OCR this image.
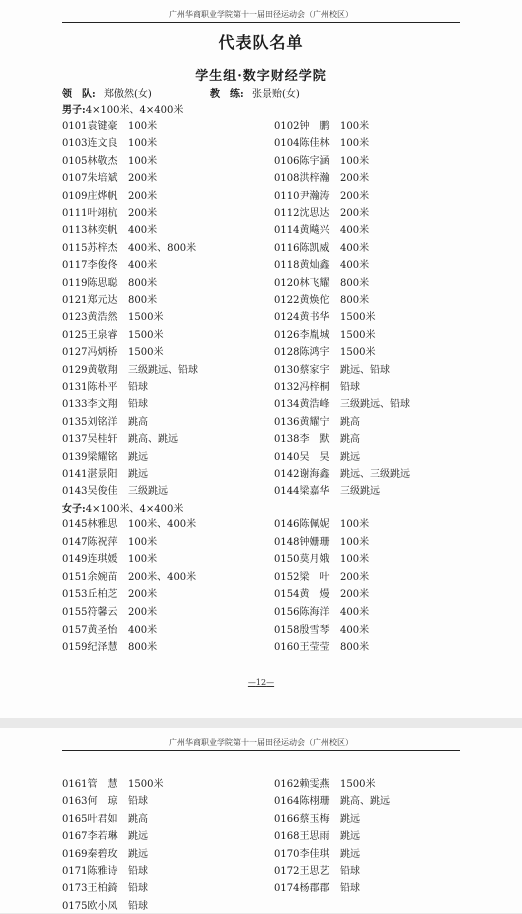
广州华商职业学院第十一届田径运动会（广州校区）
代表队名单
学生组·数字财经学院
领　队: 郑傲然(女)	教　练: 张景贻(女)
男子:4×100米、4×400米
0101袁键豪 100米	0102钟　鹏 100米
0103连文良 100米	0104陈佳林 100米
0105林敬杰 100米	0106陈宇涵 100米
0107朱培斌 200米	0108洪梓瀚 200米
0109庄烨帆 200米	0110尹瀚涛 200米
0111叶翊杭 200米	0112沈思达 200米
0113林奕帆 400米	0114黄飚兴 400米
0115苏梓杰 400米、800米	0116陈凯威 400米
0117李俊佟 400米	0118黄灿鑫 400米
0119陈思聪 800米	0120林飞耀 800米
0121郑元达 800米	0122黄焕佗 800米
0123黄浩然 1500米	0124黄书华 1500米
0125王泉睿 1500米	0126李胤城 1500米
0127冯炳桥 1500米	0128陈鸿宇 1500米
0129黄敬翔 三级跳远、铅球	0130蔡家宇 跳远、铅球
0131陈朴平 铅球	0132冯梓桐 铅球
0133李文翔 铅球	0134黄浩峰 三级跳远、铅球
0135刘铭洋 跳高	0136黄耀宁 跳高
0137吴桂轩 跳高、跳远	0138李　默 跳高
0139梁耀铭 跳远	0140吴　昊 跳远
0141湛景阳 跳远	0142谢海鑫 跳远、三级跳远
0143吴俊佳 三级跳远	0144梁嘉华 三级跳远
女子:4×100米、4×400米
0145林雅思 100米、400米	0146陈佩妮 100米
0147陈祝萍 100米	0148钟姗珊 100米
0149连琪媛 100米	0150莫月娥 100米
0151余婉苗 200米、400米	0152梁　叶 200米
0153丘柏芝 200米	0154黄　熳 200米
0155符馨云 200米	0156陈海洋 400米
0157黄圣怡 400米	0158殷雪琴 400米
0159纪泽慧 800米	0160王莹莹 800米
—12—
广州华商职业学院第十一届田径运动会（广州校区）
0161管　慧 1500米	0162赖雯燕 1500米
0163何　琼 铅球	0164陈栩珊 跳高、跳远
0165叶君如 跳高	0166蔡玉梅 跳远
0167李若琳 跳远	0168王思雨 跳远
0169秦碧玫 跳远	0170李佳琪 跳远
0171陈雅诗 铅球	0172王思艺 铅球
0173王柏錡 铅球	0174杨郡郡 铅球
0175欧小凤 铅球
